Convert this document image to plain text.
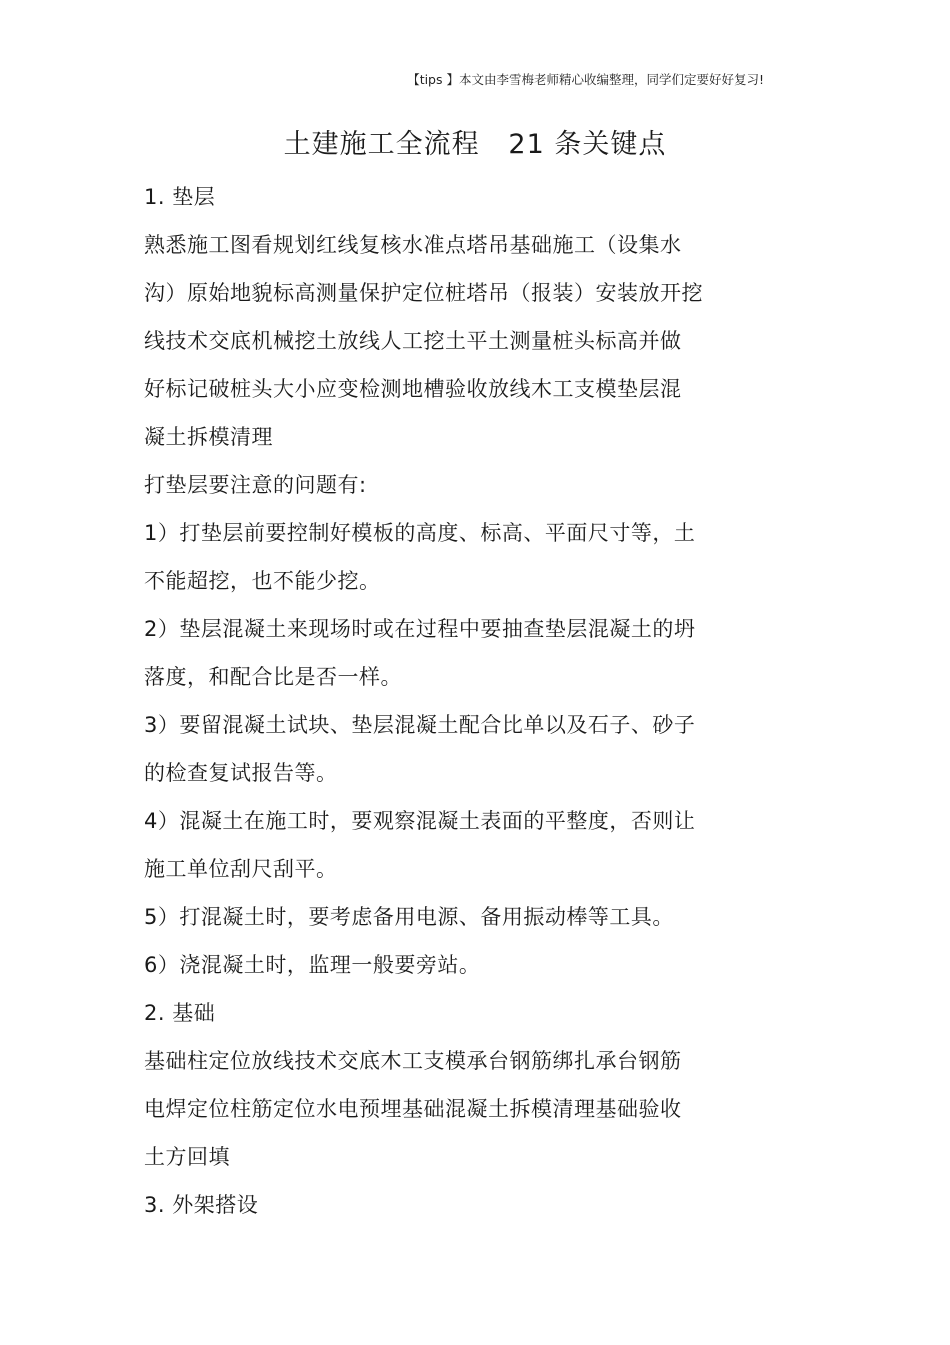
【tips 】本文由李雪梅老师精心收编整理，同学们定要好好复习!
土建施工全流程   21 条关键点
1. 垫层
熟悉施工图看规划红线复核水准点塔吊基础施工（设集水
沟）原始地貌标高测量保护定位桩塔吊（报装）安装放开挖
线技术交底机械挖土放线人工挖土平土测量桩头标高并做
好标记破桩头大小应变检测地槽验收放线木工支模垫层混
凝土拆模清理
打垫层要注意的问题有:
1）打垫层前要控制好模板的高度、标高、平面尺寸等，土
不能超挖，也不能少挖。
2）垫层混凝土来现场时或在过程中要抽查垫层混凝土的坍
落度，和配合比是否一样。
3）要留混凝土试块、垫层混凝土配合比单以及石子、砂子
的检查复试报告等。
4）混凝土在施工时，要观察混凝土表面的平整度，否则让
施工单位刮尺刮平。
5）打混凝土时，要考虑备用电源、备用振动棒等工具。
6）浇混凝土时，监理一般要旁站。
2. 基础
基础柱定位放线技术交底木工支模承台钢筋绑扎承台钢筋
电焊定位柱筋定位水电预埋基础混凝土拆模清理基础验收
土方回填
3. 外架搭设
